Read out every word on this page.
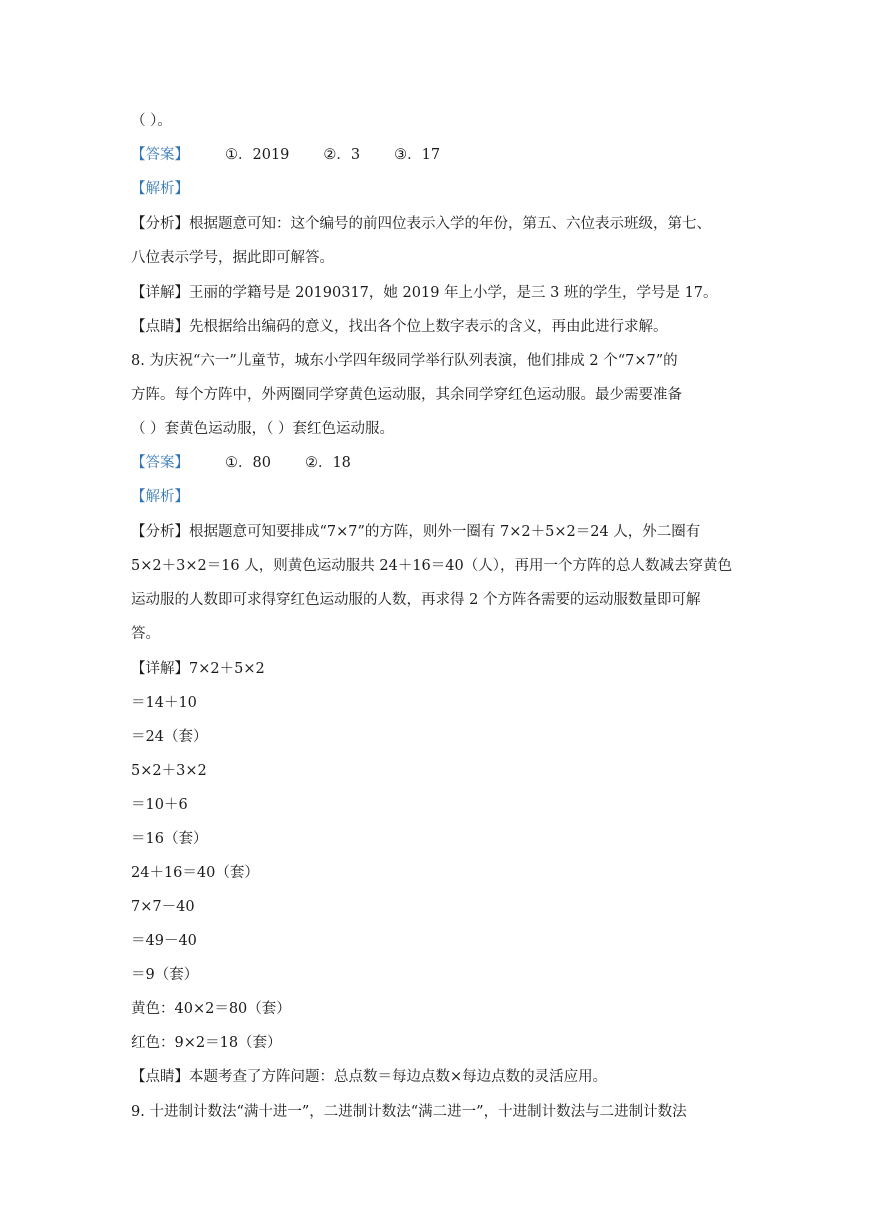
（ ）。
【答案】 ①．2019 ②．3 ③．17
【解析】
【分析】根据题意可知：这个编号的前四位表示入学的年份，第五、六位表示班级，第七、
八位表示学号，据此即可解答。
【详解】王丽的学籍号是 20190317，她 2019 年上小学，是三 3 班的学生，学号是 17。
【点睛】先根据给出编码的意义，找出各个位上数字表示的含义，再由此进行求解。
8. 为庆祝“六一”儿童节，城东小学四年级同学举行队列表演，他们排成 2 个“7×7”的
方阵。每个方阵中，外两圈同学穿黄色运动服，其余同学穿红色运动服。最少需要准备
（ ）套黄色运动服，（ ）套红色运动服。
【答案】 ①．80 ②．18
【解析】
【分析】根据题意可知要排成“7×7”的方阵，则外一圈有 7×2＋5×2＝24 人，外二圈有
5×2＋3×2＝16 人，则黄色运动服共 24＋16＝40（人），再用一个方阵的总人数减去穿黄色
运动服的人数即可求得穿红色运动服的人数，再求得 2 个方阵各需要的运动服数量即可解
答。
【详解】7×2＋5×2
＝14＋10
＝24（套）
5×2＋3×2
＝10＋6
＝16（套）
24＋16＝40（套）
7×7－40
＝49－40
＝9（套）
黄色：40×2＝80（套）
红色：9×2＝18（套）
【点睛】本题考查了方阵问题：总点数＝每边点数×每边点数的灵活应用。
9. 十进制计数法“满十进一”，二进制计数法“满二进一”，十进制计数法与二进制计数法
